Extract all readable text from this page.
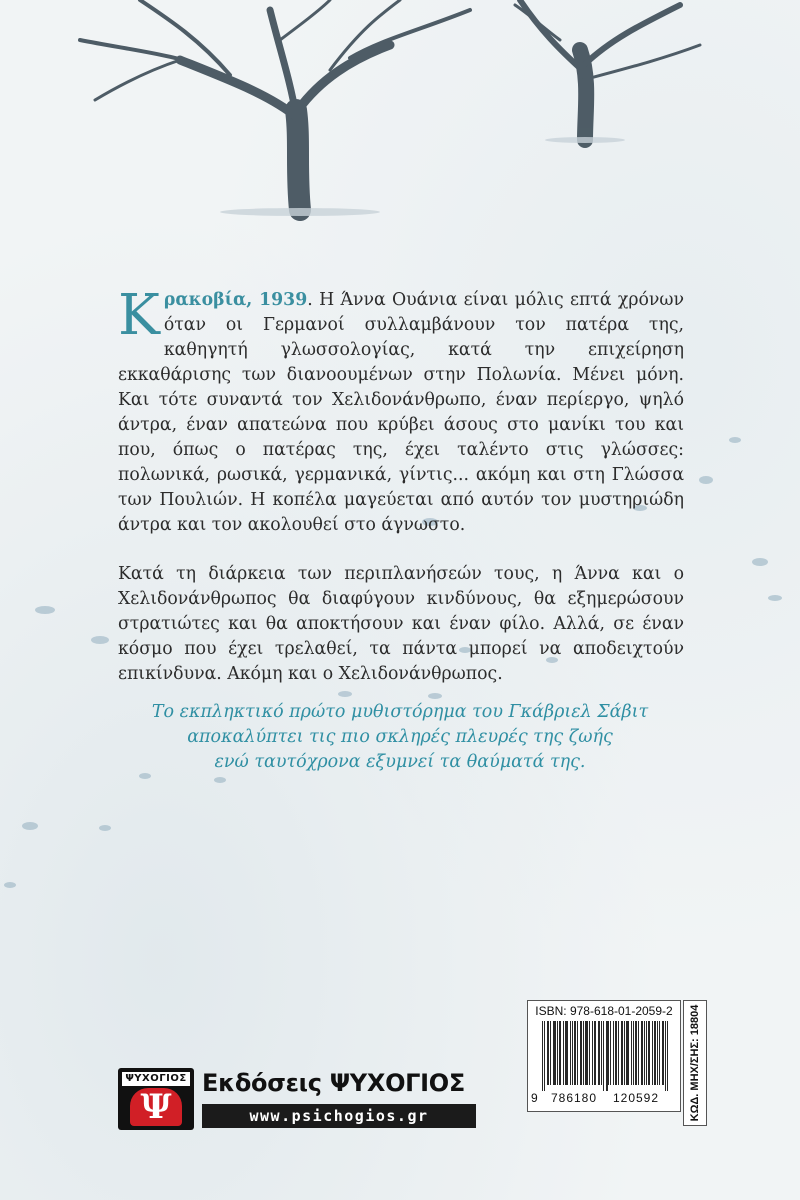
Κρακοβία, 1939. Η Άννα Ουάνια είναι μόλις επτά χρόνων όταν οι Γερμανοί συλλαμβάνουν τον πατέρα της, καθηγητή γλωσσολογίας, κατά την επιχείρηση εκκαθάρισης των διανοουμένων στην Πολωνία. Μένει μόνη. Και τότε συναντά τον Χελιδονάνθρωπο, έναν περίεργο, ψηλό άντρα, έναν απατεώνα που κρύβει άσους στο μανίκι του και που, όπως ο πατέρας της, έχει ταλέντο στις γλώσσες: πολωνικά, ρωσικά, γερμανικά, γίντις... ακόμη και στη Γλώσσα των Πουλιών. Η κοπέλα μαγεύεται από αυτόν τον μυστηριώδη άντρα και τον ακολουθεί στο άγνωστο.

Κατά τη διάρκεια των περιπλανήσεών τους, η Άννα και ο Χελιδονάνθρωπος θα διαφύγουν κινδύνους, θα εξημερώσουν στρατιώτες και θα αποκτήσουν και έναν φίλο. Αλλά, σε έναν κόσμο που έχει τρελαθεί, τα πάντα μπορεί να αποδειχτούν επικίνδυνα. Ακόμη και ο Χελιδονάνθρωπος.

Το εκπληκτικό πρώτο μυθιστόρημα του Γκάβριελ Σάβιτ
αποκαλύπτει τις πιο σκληρές πλευρές της ζωής
ενώ ταυτόχρονα εξυμνεί τα θαύματά της.
ΨΥΧΟΓΙΟΣ
Ψ
Εκδόσεις ΨΥΧΟΓΙΟΣ
www.psichogios.gr
ISBN: 978-618-01-2059-2
9	786180	120592	ΚΩΔ. ΜΗΧ/ΣΗΣ: 18804
